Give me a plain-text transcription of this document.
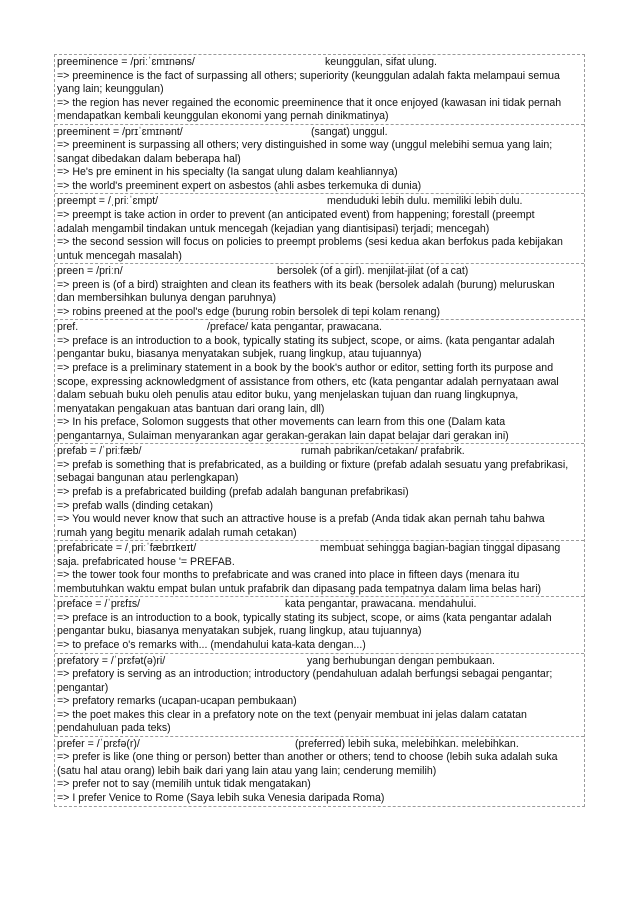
preeminence = /priːˈɛmɪnəns/	keunggulan, sifat ulung.
=> preeminence is the fact of surpassing all others; superiority (keunggulan adalah fakta melampaui semua
yang lain; keunggulan)
=> the region has never regained the economic preeminence that it once enjoyed (kawasan ini tidak pernah
mendapatkan kembali keunggulan ekonomi yang pernah dinikmatinya)
preeminent = /prɪˈɛmɪnənt/	(sangat) unggul.
=> preeminent is surpassing all others; very distinguished in some way (unggul melebihi semua yang lain;
sangat dibedakan dalam beberapa hal)
=> He's pre eminent in his specialty (Ia sangat ulung dalam keahliannya)
=> the world's preeminent expert on asbestos (ahli asbes terkemuka di dunia)
preempt = /ˌpriːˈɛmpt/	menduduki lebih dulu. memiliki lebih dulu.
=> preempt is take action in order to prevent (an anticipated event) from happening; forestall (preempt
adalah mengambil tindakan untuk mencegah (kejadian yang diantisipasi) terjadi; mencegah)
=> the second session will focus on policies to preempt problems (sesi kedua akan berfokus pada kebijakan
untuk mencegah masalah)
preen = /priːn/	bersolek (of a girl). menjilat-jilat (of a cat)
=> preen is (of a bird) straighten and clean its feathers with its beak (bersolek adalah (burung) meluruskan
dan membersihkan bulunya dengan paruhnya)
=> robins preened at the pool's edge (burung robin bersolek di tepi kolam renang)
pref.	/preface/ kata pengantar, prawacana.
=> preface is an introduction to a book, typically stating its subject, scope, or aims. (kata pengantar adalah
pengantar buku, biasanya menyatakan subjek, ruang lingkup, atau tujuannya)
=> preface is a preliminary statement in a book by the book's author or editor, setting forth its purpose and
scope, expressing acknowledgment of assistance from others, etc (kata pengantar adalah pernyataan awal
dalam sebuah buku oleh penulis atau editor buku, yang menjelaskan tujuan dan ruang lingkupnya,
menyatakan pengakuan atas bantuan dari orang lain, dll)
=> In his preface, Solomon suggests that other movements can learn from this one (Dalam kata
pengantarnya, Sulaiman menyarankan agar gerakan-gerakan lain dapat belajar dari gerakan ini)
prefab = /ˈpriːfæb/	rumah pabrikan/cetakan/ prafabrik.
=> prefab is something that is prefabricated, as a building or fixture (prefab adalah sesuatu yang prefabrikasi,
sebagai bangunan atau perlengkapan)
=> prefab is a prefabricated building (prefab adalah bangunan prefabrikasi)
=> prefab walls (dinding cetakan)
=> You would never know that such an attractive house is a prefab (Anda tidak akan pernah tahu bahwa
rumah yang begitu menarik adalah rumah cetakan)
prefabricate = /ˌpriːˈfæbrɪkeɪt/	membuat sehingga bagian-bagian tinggal dipasang
saja. prefabricated house '= PREFAB.
=> the tower took four months to prefabricate and was craned into place in fifteen days (menara itu
membutuhkan waktu empat bulan untuk prafabrik dan dipasang pada tempatnya dalam lima belas hari)
preface = /ˈprɛfɪs/	kata pengantar, prawacana. mendahului.
=> preface is an introduction to a book, typically stating its subject, scope, or aims (kata pengantar adalah
pengantar buku, biasanya menyatakan subjek, ruang lingkup, atau tujuannya)
=> to preface o's remarks with... (mendahului kata-kata dengan...)
prefatory = /ˈprɛfət(ə)ri/	yang berhubungan dengan pembukaan.
=> prefatory is serving as an introduction; introductory (pendahuluan adalah berfungsi sebagai pengantar;
pengantar)
=> prefatory remarks (ucapan-ucapan pembukaan)
=> the poet makes this clear in a prefatory note on the text (penyair membuat ini jelas dalam catatan
pendahuluan pada teks)
prefer = /ˈprɛfə(r)/	(preferred) lebih suka, melebihkan. melebihkan.
=> prefer is like (one thing or person) better than another or others; tend to choose (lebih suka adalah suka
(satu hal atau orang) lebih baik dari yang lain atau yang lain; cenderung memilih)
=> prefer not to say (memilih untuk tidak mengatakan)
=> I prefer Venice to Rome (Saya lebih suka Venesia daripada Roma)
